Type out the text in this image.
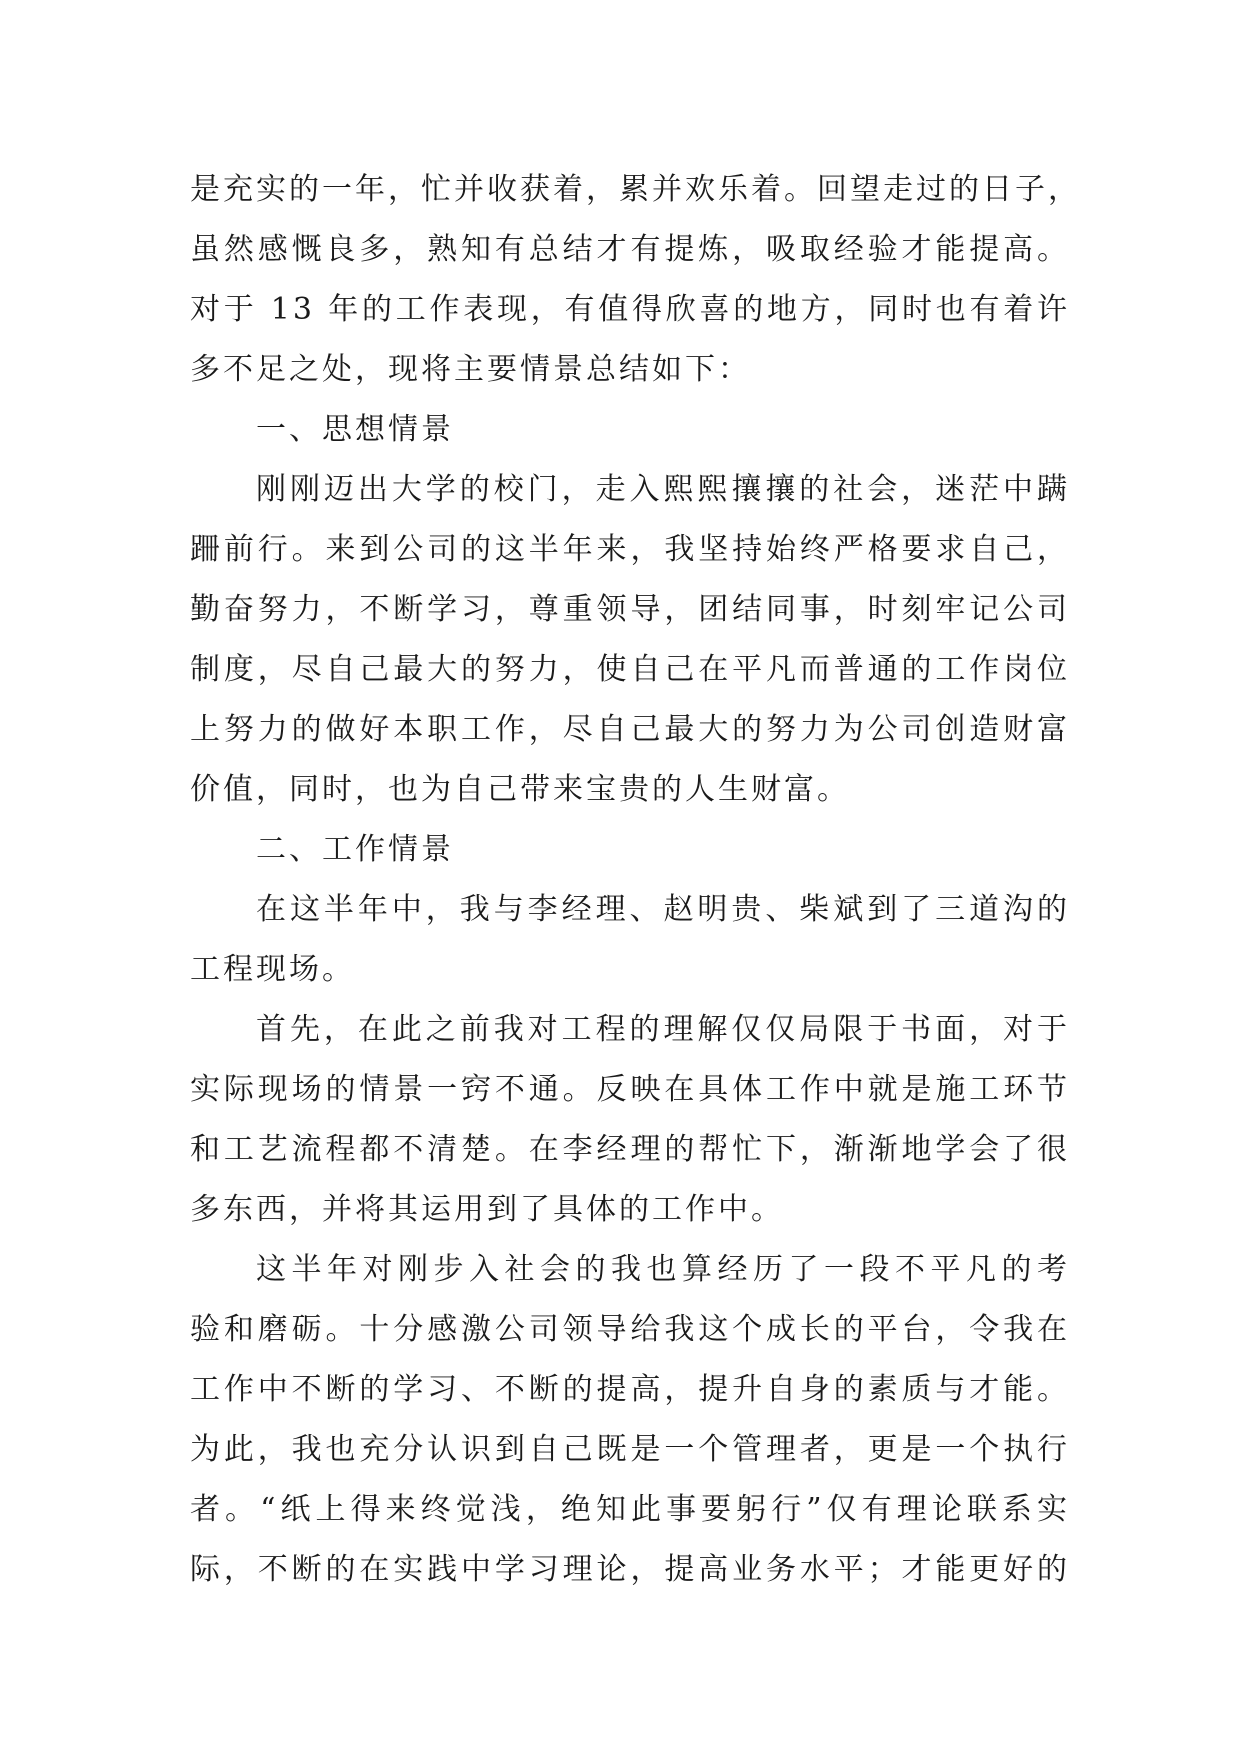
是充实的一年，忙并收获着，累并欢乐着。回望走过的日子，
虽然感慨良多，熟知有总结才有提炼，吸取经验才能提高。
对于 13 年的工作表现，有值得欣喜的地方，同时也有着许
多不足之处，现将主要情景总结如下：
一、思想情景
刚刚迈出大学的校门，走入熙熙攘攘的社会，迷茫中蹒
跚前行。来到公司的这半年来，我坚持始终严格要求自己，
勤奋努力，不断学习，尊重领导，团结同事，时刻牢记公司
制度，尽自己最大的努力，使自己在平凡而普通的工作岗位
上努力的做好本职工作，尽自己最大的努力为公司创造财富
价值，同时，也为自己带来宝贵的人生财富。
二、工作情景
在这半年中，我与李经理、赵明贵、柴斌到了三道沟的
工程现场。
首先，在此之前我对工程的理解仅仅局限于书面，对于
实际现场的情景一窍不通。反映在具体工作中就是施工环节
和工艺流程都不清楚。在李经理的帮忙下，渐渐地学会了很
多东西，并将其运用到了具体的工作中。
这半年对刚步入社会的我也算经历了一段不平凡的考
验和磨砺。十分感激公司领导给我这个成长的平台，令我在
工作中不断的学习、不断的提高，提升自身的素质与才能。
为此，我也充分认识到自己既是一个管理者，更是一个执行
者。“纸上得来终觉浅，绝知此事要躬行”仅有理论联系实
际，不断的在实践中学习理论，提高业务水平；才能更好的
